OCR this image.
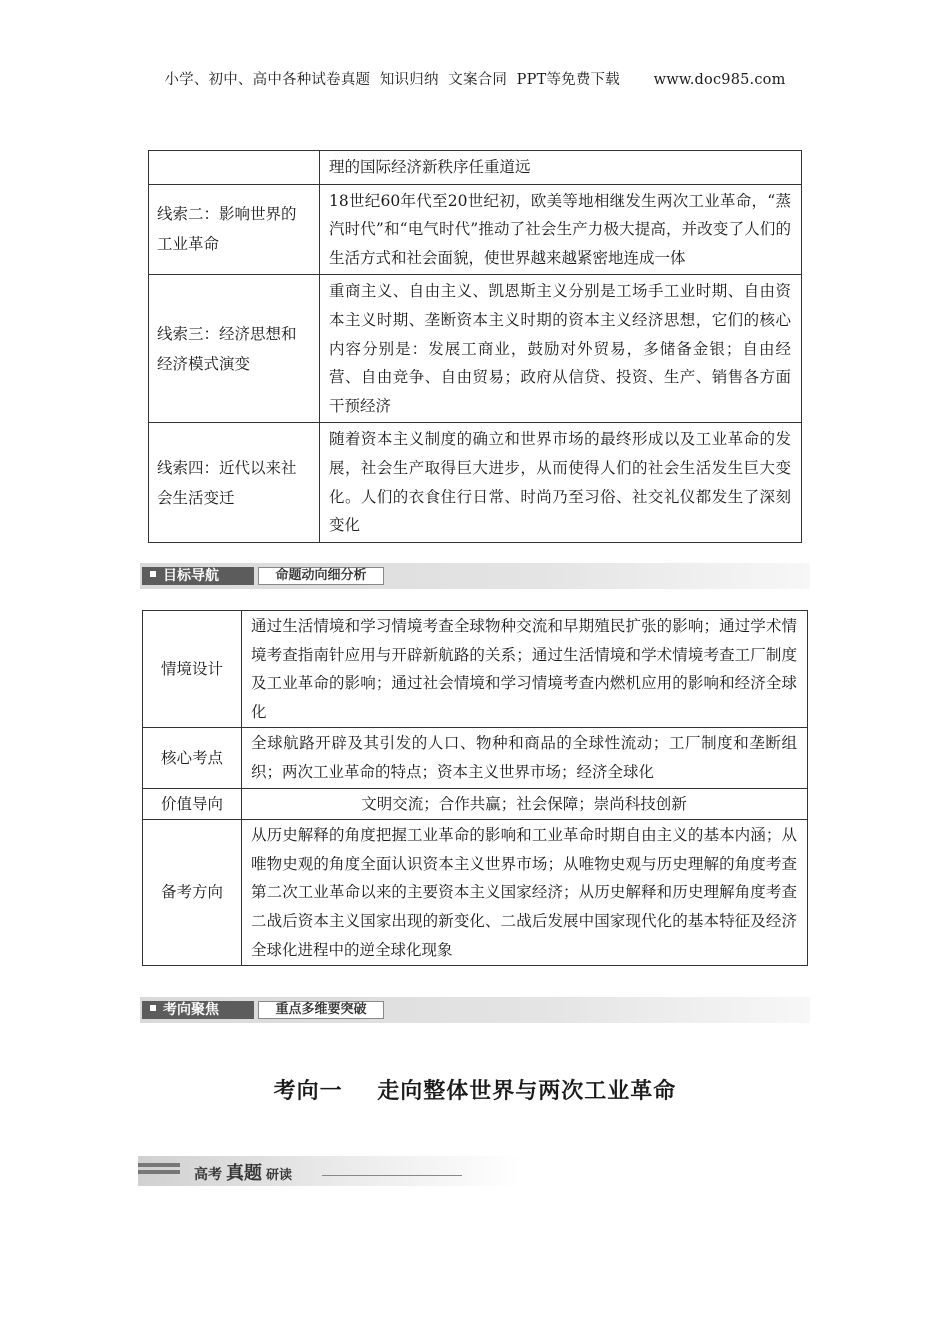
小学、初中、高中各种试卷真题  知识归纳  文案合同  PPT等免费下载       www.doc985.com
	理的国际经济新秩序任重道远
线索二：影响世界的工业革命	18世纪60年代至20世纪初，欧美等地相继发生两次工业革命，“蒸汽时代”和“电气时代”推动了社会生产力极大提高，并改变了人们的生活方式和社会面貌，使世界越来越紧密地连成一体
线索三：经济思想和经济模式演变	重商主义、自由主义、凯恩斯主义分别是工场手工业时期、自由资本主义时期、垄断资本主义时期的资本主义经济思想，它们的核心内容分别是：发展工商业，鼓励对外贸易，多储备金银；自由经营、自由竞争、自由贸易；政府从信贷、投资、生产、销售各方面干预经济
线索四：近代以来社会生活变迁	随着资本主义制度的确立和世界市场的最终形成以及工业革命的发展，社会生产取得巨大进步，从而使得人们的社会生活发生巨大变化。人们的衣食住行日常、时尚乃至习俗、社交礼仪都发生了深刻变化
目标导航	命题动向细分析
情境设计	通过生活情境和学习情境考查全球物种交流和早期殖民扩张的影响；通过学术情境考查指南针应用与开辟新航路的关系；通过生活情境和学术情境考查工厂制度及工业革命的影响；通过社会情境和学习情境考查内燃机应用的影响和经济全球化
核心考点	全球航路开辟及其引发的人口、物种和商品的全球性流动；工厂制度和垄断组织；两次工业革命的特点；资本主义世界市场；经济全球化
价值导向	文明交流；合作共赢；社会保障；崇尚科技创新
备考方向	从历史解释的角度把握工业革命的影响和工业革命时期自由主义的基本内涵；从唯物史观的角度全面认识资本主义世界市场；从唯物史观与历史理解的角度考查第二次工业革命以来的主要资本主义国家经济；从历史解释和历史理解角度考查二战后资本主义国家出现的新变化、二战后发展中国家现代化的基本特征及经济全球化进程中的逆全球化现象
考向聚焦	重点多维要突破
考向一    走向整体世界与两次工业革命
高考 真题 研读
